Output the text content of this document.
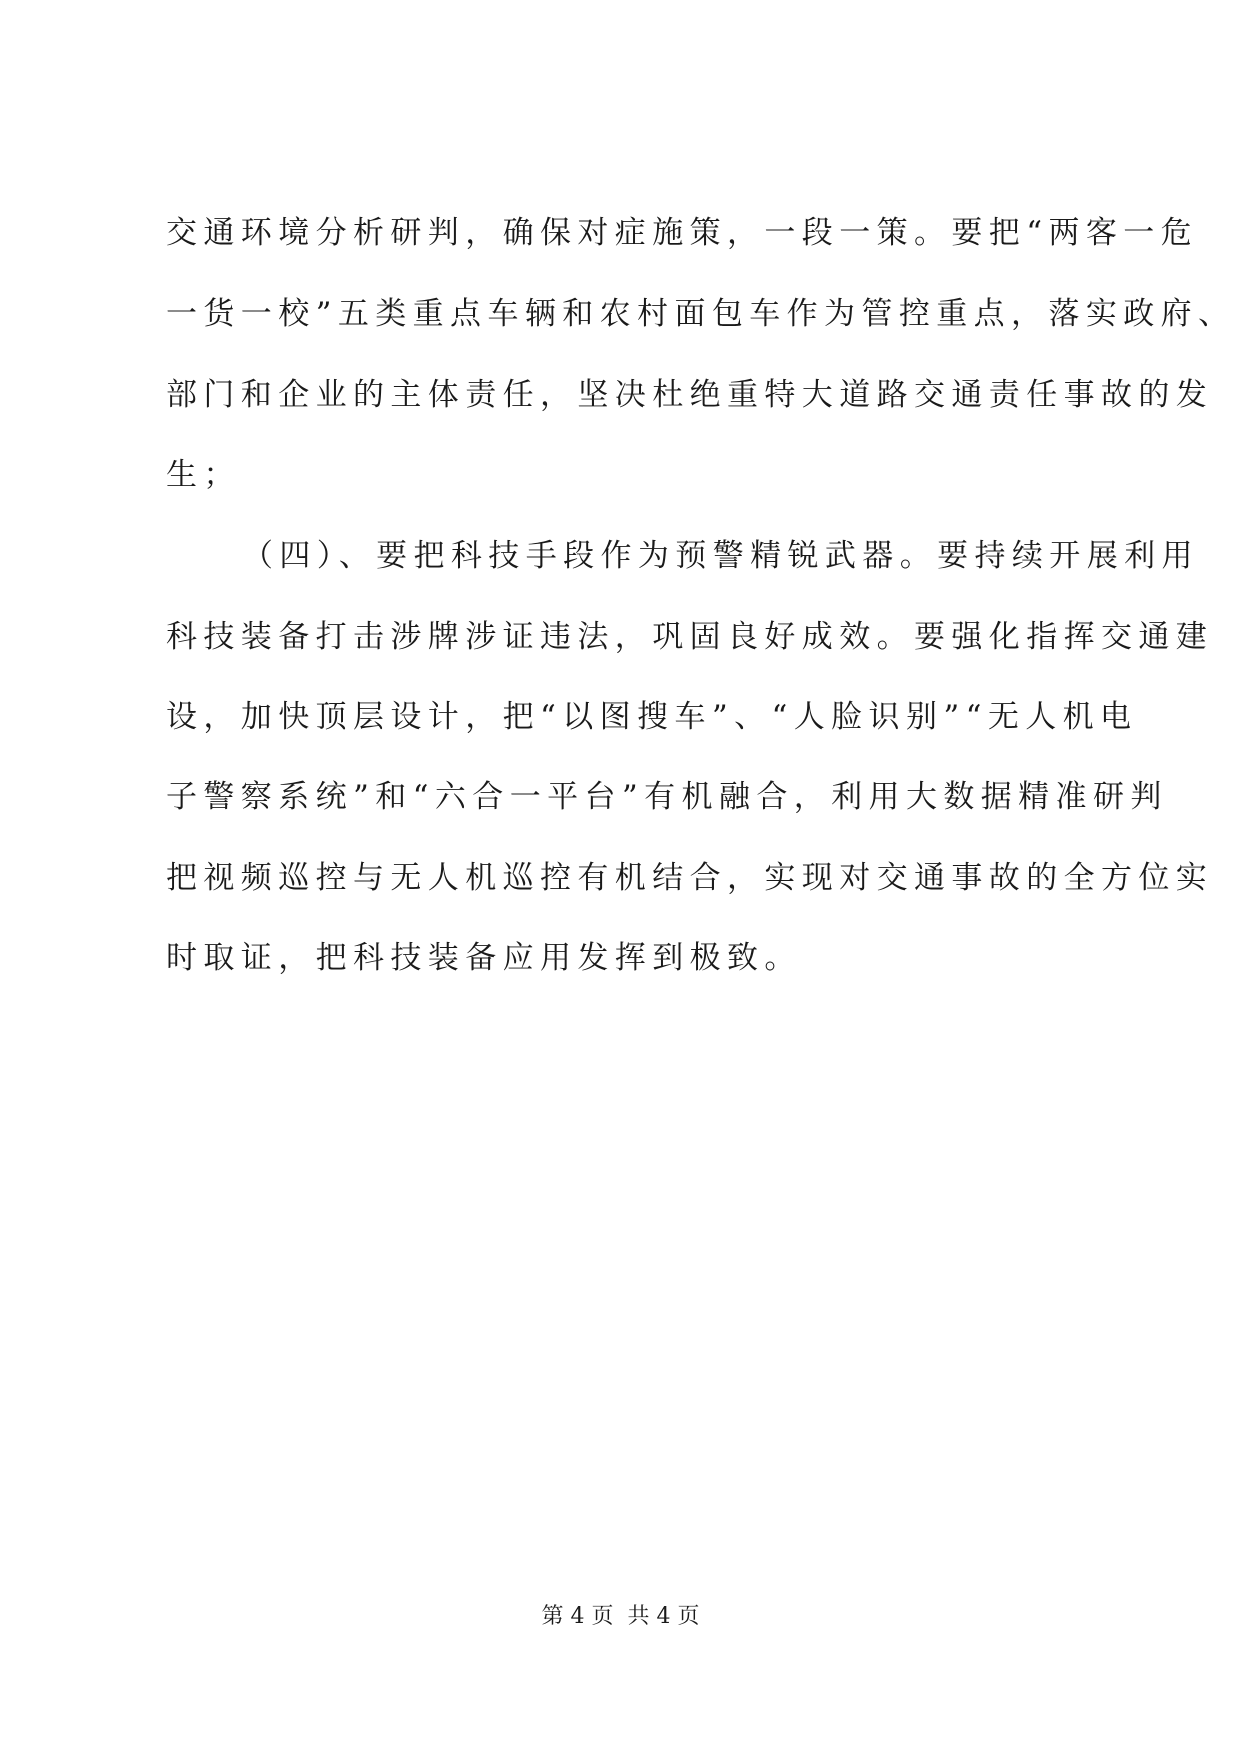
交通环境分析研判，确保对症施策，一段一策。要把“两客一危
一货一校”五类重点车辆和农村面包车作为管控重点，落实政府、
部门和企业的主体责任，坚决杜绝重特大道路交通责任事故的发
生；
（四）、要把科技手段作为预警精锐武器。要持续开展利用
科技装备打击涉牌涉证违法，巩固良好成效。要强化指挥交通建
设，加快顶层设计，把“以图搜车”、“人脸识别”“无人机电
子警察系统”和“六合一平台”有机融合，利用大数据精准研判
把视频巡控与无人机巡控有机结合，实现对交通事故的全方位实
时取证，把科技装备应用发挥到极致。
第 4 页 共 4 页
